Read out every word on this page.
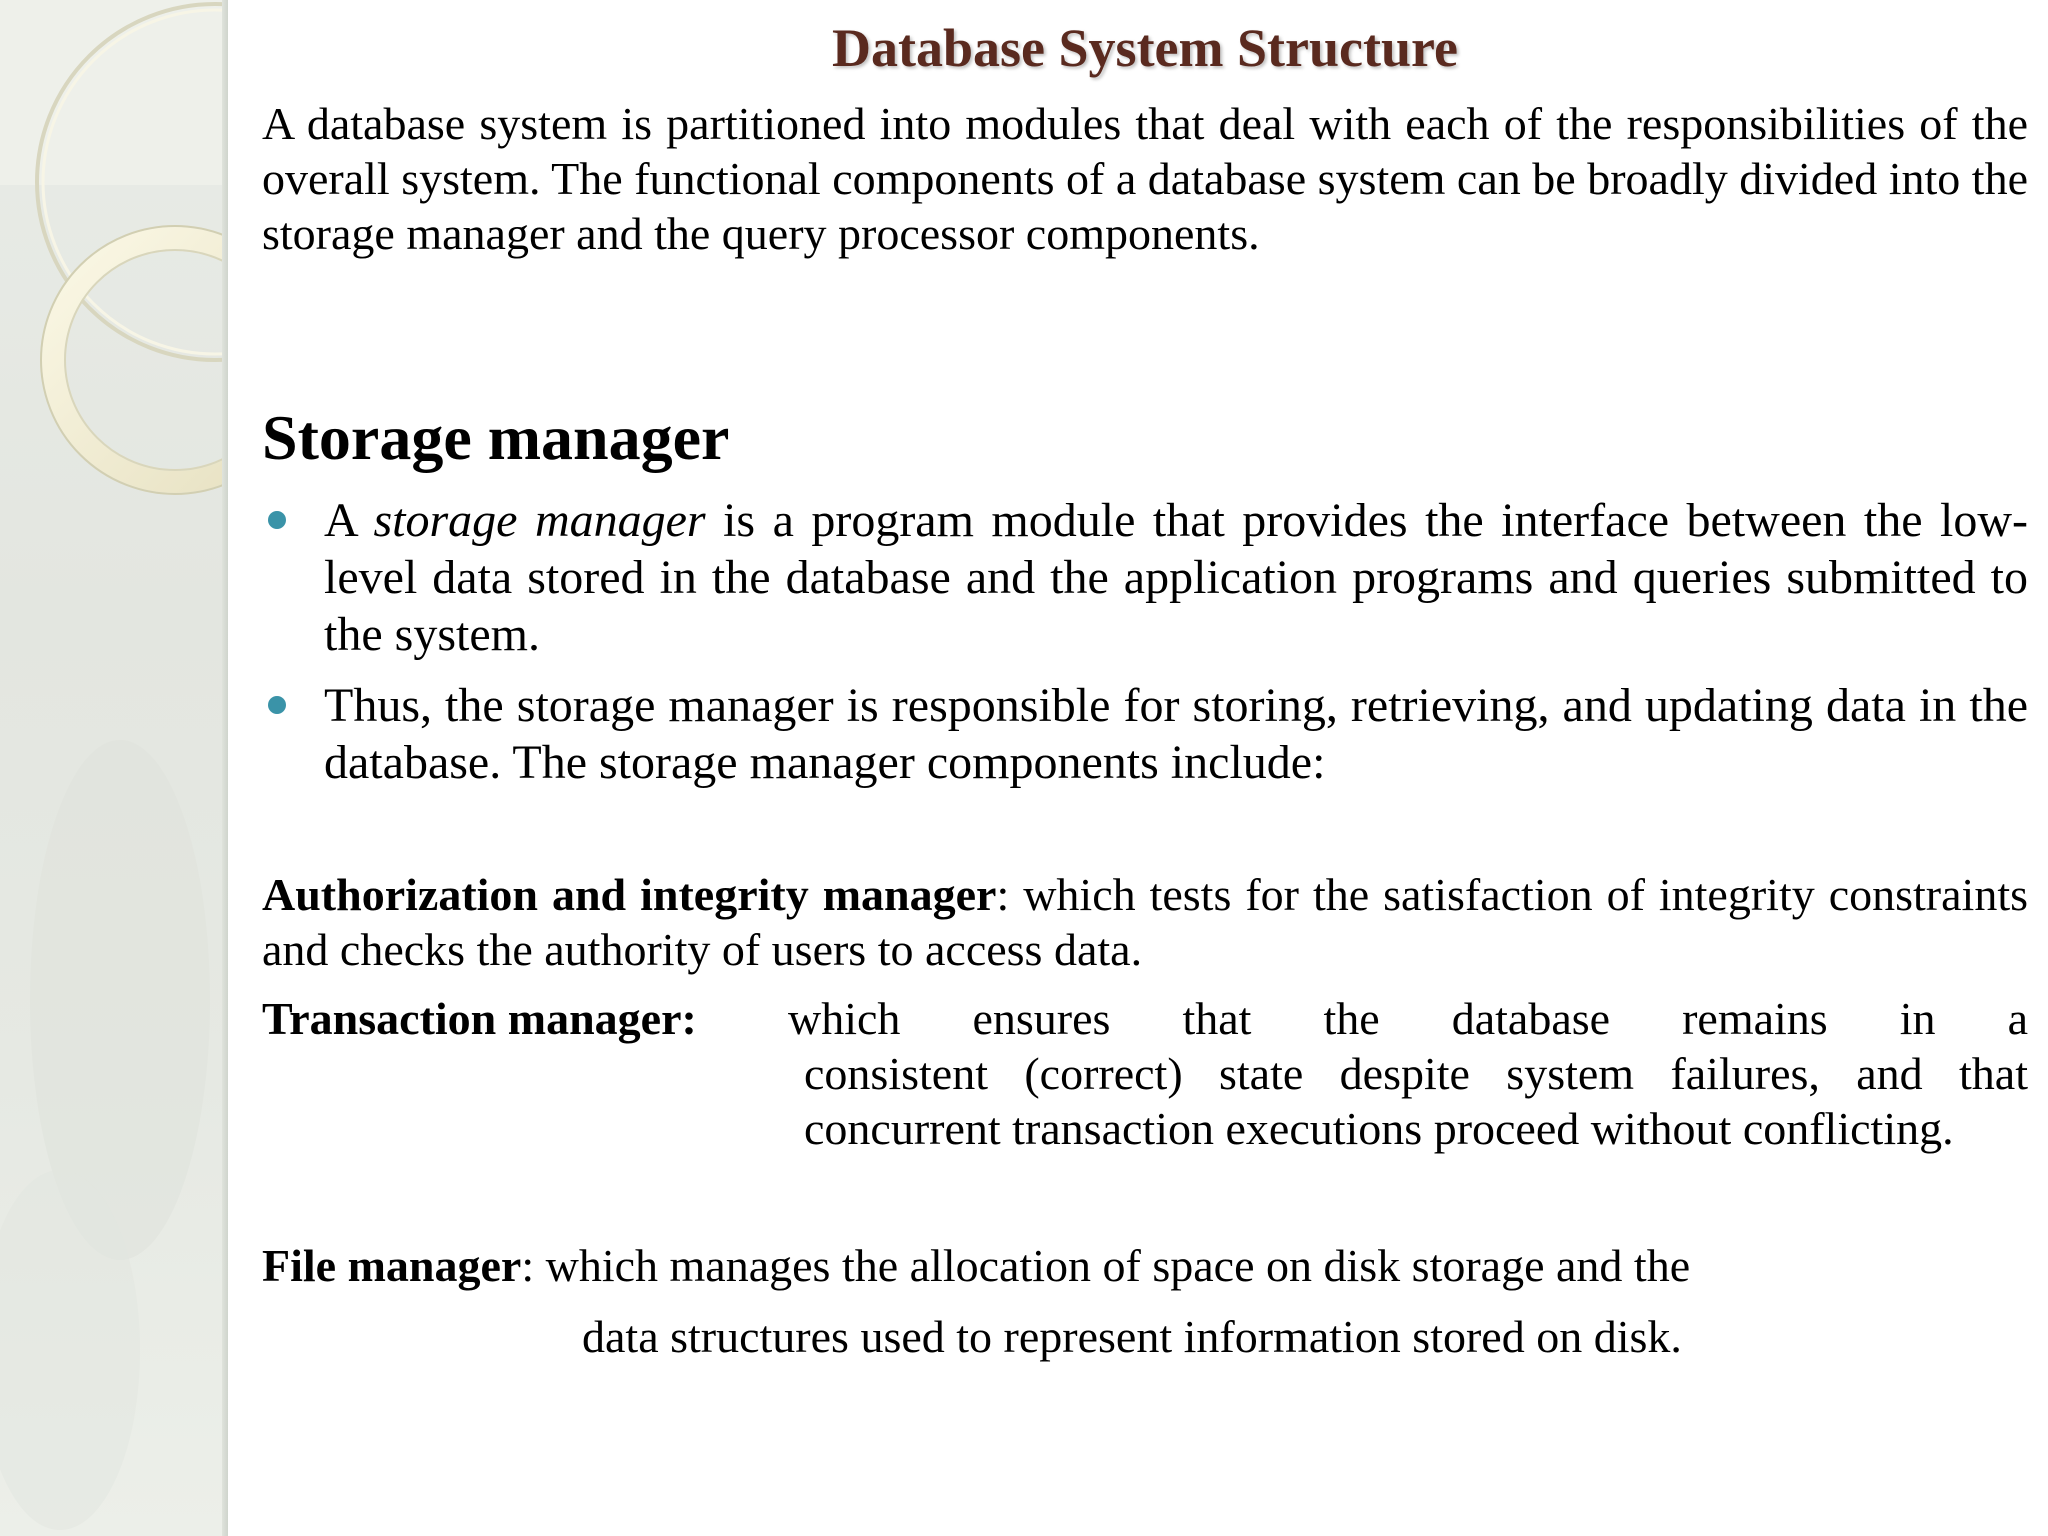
Database System Structure

A database system is partitioned into modules that deal with each of the responsibilities of the overall system. The functional components of a database system can be broadly divided into the storage manager and the query processor components.

Storage manager
A storage manager is a program module that provides the interface between the low-level data stored in the database and the application programs and queries submitted to the system.
Thus, the storage manager is responsible for storing, retrieving, and updating data in the database. The storage manager components include:

Authorization and integrity manager: which tests for the satisfaction of integrity constraints and checks the authority of users to access data.

Transaction manager:	which ensures that the database remains in a
consistent (correct) state despite system failures, and that concurrent transaction executions proceed without conflicting.

File manager: which manages the allocation of space on disk storage and the
data structures used to represent information stored on disk.
